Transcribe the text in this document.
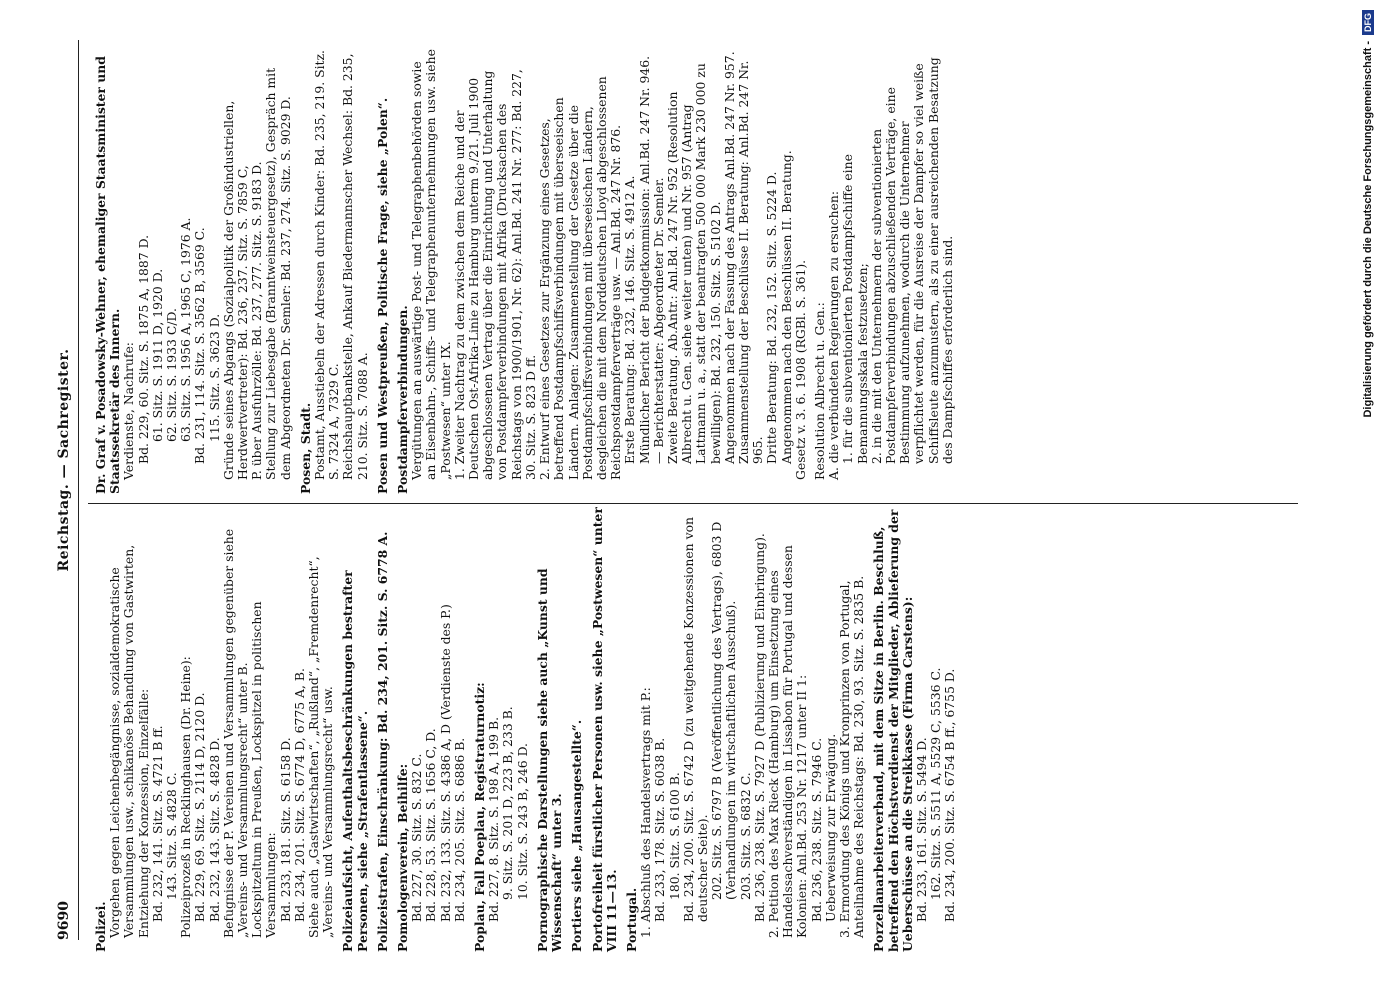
9690
Reichstag. — Sachregister.

Polizei. Vorgehen gegen Leichenbegängnisse, sozialdemokratische Versammlungen usw., schikanöse Behandlung von Gastwirten, Entziehung der Konzession, Einzelfälle: Bd. 232, 141. Sitz. S. 4721 B ff. 143. Sitz. S. 4828 C. Polizeiprozeß in Recklinghausen (Dr. Heine): Bd. 229, 69. Sitz. S. 2114 D, 2120 D. Bd. 232, 143. Sitz. S. 4828 D. Befugnisse der P. Vereinen und Versammlungen gegenüber siehe „Vereins- und Versammlungsrecht“ unter B. Lockspitzeltum in Preußen, Lockspitzel in politischen Versammlungen: Bd. 233, 181. Sitz. S. 6158 D. Bd. 234, 201. Sitz. S. 6774 D, 6775 A, B. Siehe auch „Gastwirtschaften“, „Rußland“, „Fremdenrecht“, „Vereins- und Versammlungsrecht“ usw. Polizeiaufsicht, Aufenthaltsbeschränkungen bestrafter Personen, siehe „Strafentlassene“. Polizeistrafen, Einschränkung: Bd. 234, 201. Sitz. S. 6778 A. Pomologenverein, Beihilfe: Bd. 227, 30. Sitz. S. 832 C. Bd. 228, 53. Sitz. S. 1656 C, D. Bd. 232, 133. Sitz. S. 4386 A, D (Verdienste des P.) Bd. 234, 205. Sitz. S. 6886 B. Poplau, Fall Poeplau, Registraturnotiz: Bd. 227, 8. Sitz. S. 198 A, 199 B. 9. Sitz. S. 201 D, 223 B, 233 B. 10. Sitz. S. 243 B, 246 D. Pornographische Darstellungen siehe auch „Kunst und Wissenschaft“ unter 3. Portiers siehe „Hausangestellte“. Portofreiheit fürstlicher Personen usw. siehe „Postwesen“ unter VIII 11—13. Portugal. 1. Abschluß des Handelsvertrags mit P.: Bd. 233, 178. Sitz. S. 6038 B. 180. Sitz. S. 6100 B. Bd. 234, 200. Sitz. S. 6742 D (zu weitgehende Konzessionen von deutscher Seite). 202. Sitz. S. 6797 B (Veröffentlichung des Vertrags), 6803 D (Verhandlungen im wirtschaftlichen Ausschuß). 203. Sitz. S. 6832 C. Bd. 236, 238. Sitz. S. 7927 D (Publizierung und Einbringung). 2. Petition des Max Rieck (Hamburg) um Einsetzung eines Handelssachverständigen in Lissabon für Portugal und dessen Kolonien: Anl.Bd. 253 Nr. 1217 unter II 1: Bd. 236, 238. Sitz. S. 7946 C. Ueberweisung zur Erwägung. 3. Ermordung des Königs und Kronprinzen von Portugal, Anteilnahme des Reichstags: Bd. 230, 93. Sitz. S. 2835 B. Porzellanarbeiterverband, mit dem Sitze in Berlin. Beschluß, betreffend den Höchstverdienst der Mitglieder, Ablieferung der Ueberschüsse an die Streikkasse (Firma Carstens): Bd. 233, 161. Sitz. S. 5494 D. 162. Sitz. S. 5511 A, 5529 C, 5536 C. Bd. 234, 200. Sitz. S. 6754 B ff., 6755 D.

Dr. Graf v. Posadowsky-Wehner, ehemaliger Staatsminister und Staatssekretär des Innern. Verdienste, Nachrufe: Bd. 229, 60. Sitz. S. 1875 A, 1887 D. 61. Sitz. S. 1911 D, 1920 D. 62. Sitz. S. 1933 C/D. 63. Sitz. S. 1956 A, 1965 C, 1976 A. Bd. 231, 114. Sitz. S. 3562 B, 3569 C. 115. Sitz. S. 3623 D. Gründe seines Abgangs (Sozialpolitik der Großindustriellen, Herdwertvertreter): Bd. 236, 237. Sitz. S. 7859 C, P. über Ausfuhrzölle: Bd. 237, 277. Sitz. S. 9183 D. Stellung zur Liebesgabe (Branntweinsteuergesetz), Gespräch mit dem Abgeordneten Dr. Semler: Bd. 237, 274. Sitz. S. 9029 D. Posen, Stadt. Postamt, Ausstiebeln der Adressen durch Kinder: Bd. 235, 219. Sitz. S. 7324 A, 7329 C. Reichshauptbankstelle, Ankauf Biedermannscher Wechsel: Bd. 235, 210. Sitz. S. 7088 A. Posen und Westpreußen, Politische Frage, siehe „Polen“. Postdampferverbindungen. Vergütungen an auswärtige Post- und Telegraphenbehörden sowie an Eisenbahn-, Schiffs- und Telegraphenunternehmungen usw. siehe „Postwesen“ unter IX. 1. Zweiter Nachtrag zu dem zwischen dem Reiche und der Deutschen Ost-Afrika-Linie zu Hamburg unterm 9./21. Juli 1900 abgeschlossenen Vertrag über die Einrichtung und Unterhaltung von Postdampferverbindungen mit Afrika (Drucksachen des Reichstags von 1900/1901, Nr. 62): Anl.Bd. 241 Nr. 277: Bd. 227, 30. Sitz. S. 823 D ff. 2. Entwurf eines Gesetzes zur Ergänzung eines Gesetzes, betreffend Postdampfschiffsverbindungen mit überseeischen Ländern. Anlagen: Zusammenstellung der Gesetze über die Postdampfschiffsverbindungen mit überseeischen Ländern, desgleichen die mit dem Norddeutschen Lloyd abgeschlossenen Reichspostdampferverträge usw. — Anl.Bd. 247 Nr. 876. Erste Beratung: Bd. 232, 146. Sitz. S. 4912 A. Mündlicher Bericht der Budgetkommission: Anl.Bd. 247 Nr. 946. — Berichterstatter: Abgeordneter Dr. Semler. Zweite Beratung. Ab.Antr.: Anl.Bd. 247 Nr. 952 (Resolution Albrecht u. Gen. siehe weiter unten) und Nr. 957 (Antrag Lattmann u. a., statt der beantragten 500 000 Mark 230 000 zu bewilligen): Bd. 232, 150. Sitz. S. 5102 D. Angenommen nach der Fassung des Antrags Anl.Bd. 247 Nr. 957. Zusammenstellung der Beschlüsse II. Beratung: Anl.Bd. 247 Nr. 965. Dritte Beratung: Bd. 232, 152. Sitz. S. 5224 D. Angenommen nach den Beschlüssen II. Beratung. Gesetz v. 3. 6. 1908 (RGBl. S. 361). Resolution Albrecht u. Gen.: A. die verbündeten Regierungen zu ersuchen: 1. für die subventionierten Postdampfschiffe eine Bemannungsskala festzusetzen; 2. in die mit den Unternehmern der subventionierten Postdampferverbindungen abzuschließenden Verträge, eine Bestimmung aufzunehmen, wodurch die Unternehmer verpflichtet werden, für die Ausreise der Dampfer so viel weiße Schiffsleute anzumustern, als zu einer ausreichenden Besatzung des Dampfschiffes erforderlich sind.	Digitalisierung gefördert durch die Deutsche Forschungsgemeinschaft -
DFG
